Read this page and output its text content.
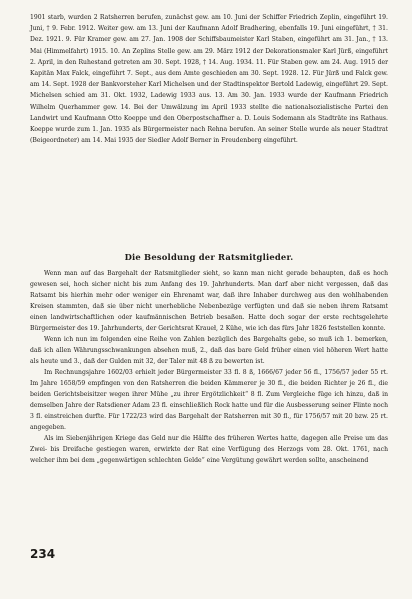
1901 starb, wurden 2 Ratsherren berufen, zunächst gew. am 10. Juni der Schiffer Friedrich Zeplin, eingeführt 19. Juni, † 9. Febr. 1912. Weiter gew. am 13. Juni der Kaufmann Adolf Bradhering, ebenfalls 19. Juni eingeführt, † 31. Dez. 1921. 9. Für Kramer gew. am 27. Jan. 1908 der Schiffsbaumeister Karl Staben, eingeführt am 31. Jan., † 13. Mai (Himmelfahrt) 1915. 10. An Zeplins Stelle gew. am 29. März 1912 der Dekorationsmaler Karl Jürß, eingeführt 2. April, in den Ruhestand getreten am 30. Sept. 1928, † 14. Aug. 1934. 11. Für Staben gew. am 24. Aug. 1915 der Kapitän Max Falck, eingeführt 7. Sept., aus dem Amte geschieden am 30. Sept. 1928. 12. Für Jürß und Falck gew. am 14. Sept. 1928 der Bankvorsteher Karl Michelsen und der Stadtinspektor Bertold Ladewig, eingeführt 29. Sept. Michelsen schied am 31. Okt. 1932, Ladewig 1933 aus. 13. Am 30. Jan. 1933 wurde der Kaufmann Friedrich Wilhelm Querhammer gew. 14. Bei der Umwälzung im April 1933 stellte die nationalsozialistische Partei den Landwirt und Kaufmann Otto Koeppe und den Oberpostschaffner a. D. Louis Sodemann als Stadträte ins Rathaus. Koeppe wurde zum 1. Jan. 1935 als Bürgermeister nach Rehna berufen. An seiner Stelle wurde als neuer Stadtrat (Beigeordneter) am 14. Mai 1935 der Siedler Adolf Berner in Freudenberg eingeführt.

Die Besoldung der Ratsmitglieder.

Wenn man auf das Bargehalt der Ratsmitglieder sieht, so kann man nicht gerade behaupten, daß es hoch gewesen sei, hoch sicher nicht bis zum Anfang des 19. Jahrhunderts. Man darf aber nicht vergessen, daß das Ratsamt bis hierhin mehr oder weniger ein Ehrenamt war, daß ihre Inhaber durchweg aus den wohlhabenden Kreisen stammten, daß sie über nicht unerhebliche Nebenbezüge verfügten und daß sie neben ihrem Ratsamt einen landwirtschaftlichen oder kaufmännischen Betrieb besaßen. Hatte doch sogar der erste rechtsgelehrte Bürgermeister des 19. Jahrhunderts, der Gerichtsrat Kraueł, 2 Kühe, wie ich das fürs Jahr 1826 feststellen konnte.

Wenn ich nun im folgenden eine Reihe von Zahlen bezüglich des Bargehalts gebe, so muß ich 1. bemerken, daß ich allen Währungsschwankungen absehen muß, 2., daß das bare Geld früher einen viel höheren Wert hatte als heute und 3., daß der Gulden mit 32, der Taler mit 48 ß zu bewerten ist.

Im Rechnungsjahre 1602/03 erhielt jeder Bürgermeister 33 fl. 8 ß, 1666/67 jeder 56 fl., 1756/57 jeder 55 rt. Im Jahre 1658/59 empfingen von den Ratsherren die beiden Kämmerer je 30 fl., die beiden Richter je 26 fl., die beiden Gerichtsbeisitzer wegen ihrer Mühe „zu ihrer Ergötzlichkeit“ 8 fl. Zum Vergleiche füge ich hinzu, daß in demselben Jahre der Ratsdiener Adam 23 fl. einschließlich Rock hatte und für die Ausbesserung seiner Flinte noch 3 fl. einstreichen durfte. Für 1722/23 wird das Bargehalt der Ratsherren mit 30 fl., für 1756/57 mit 20 bzw. 25 rt. angegeben.

Als im Siebenjährigen Kriege das Geld nur die Hälfte des früheren Wertes hatte, dagegen alle Preise um das Zwei- bis Dreifache gestiegen waren, erwirkte der Rat eine Verfügung des Herzogs vom 28. Okt. 1761, nach welcher ihm bei dem „gegenwärtigen schlechten Gelde“ eine Vergütung gewährt werden sollte, anscheinend

234
